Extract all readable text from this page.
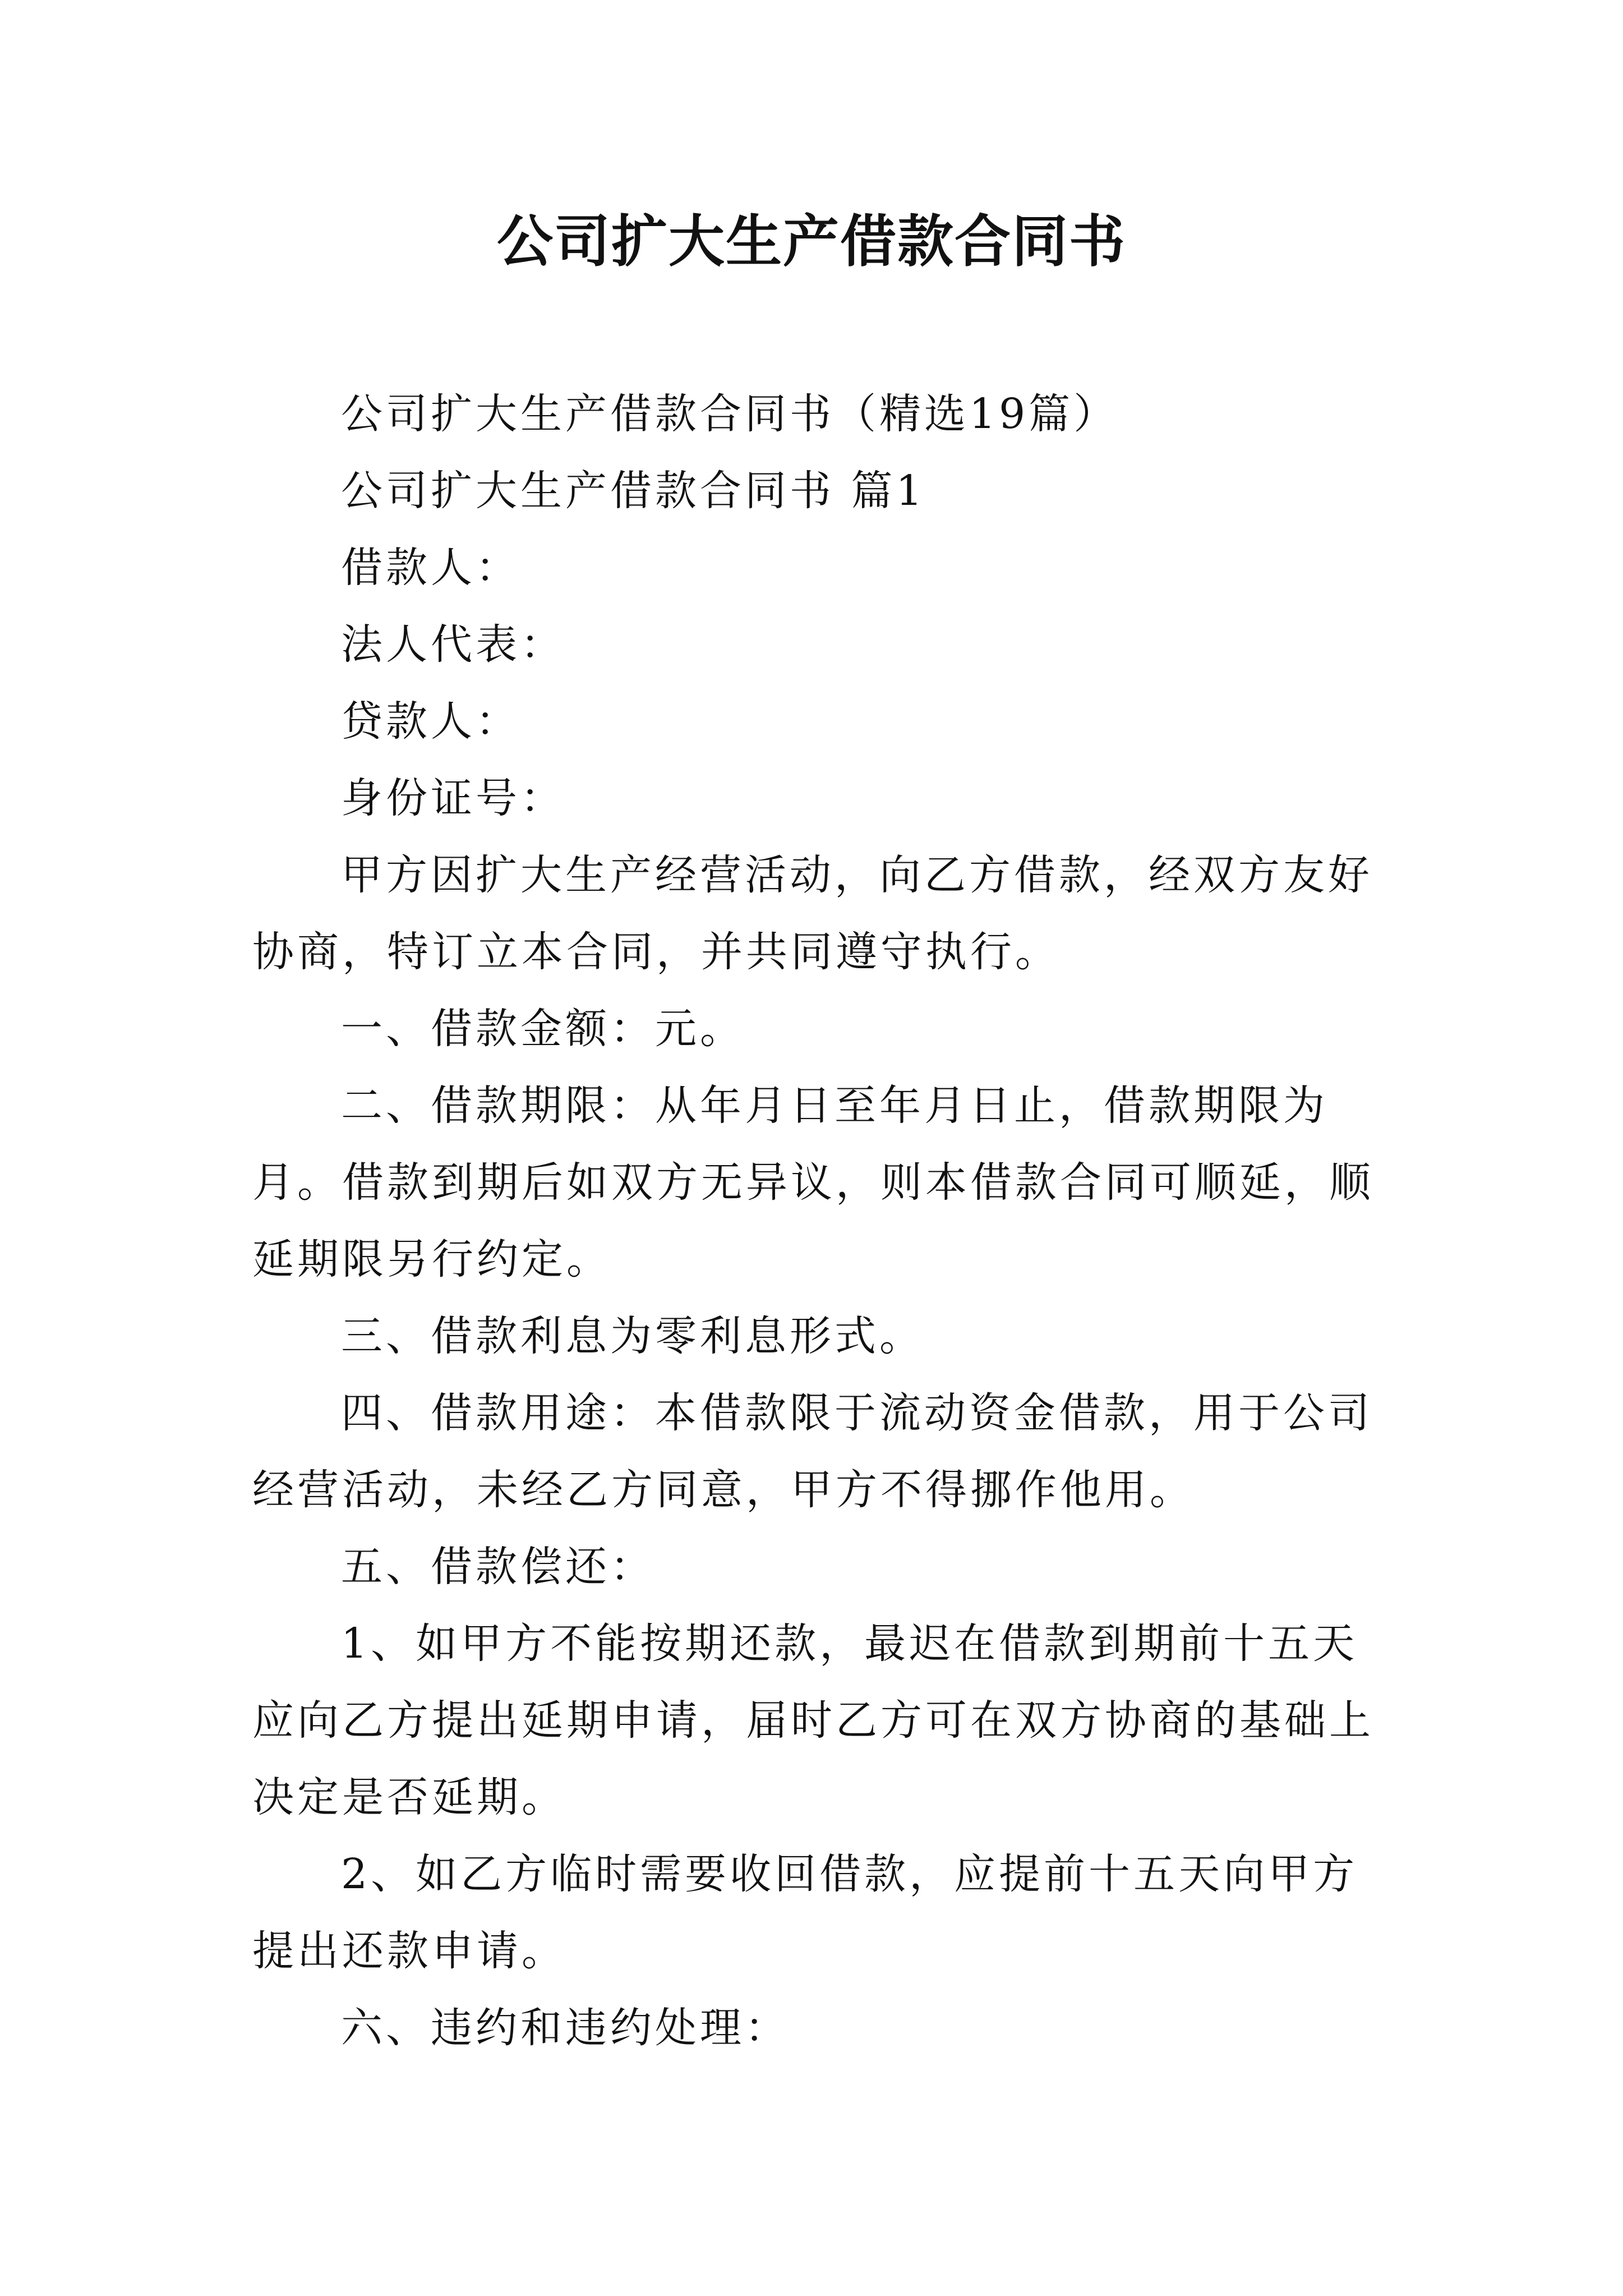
公司扩大生产借款合同书

公司扩大生产借款合同书（精选19篇）

公司扩大生产借款合同书 篇1

借款人：

法人代表：

贷款人：

身份证号：

甲方因扩大生产经营活动，向乙方借款，经双方友好协商，特订立本合同，并共同遵守执行。

一、借款金额：元。

二、借款期限：从年月日至年月日止，借款期限为月。借款到期后如双方无异议，则本借款合同可顺延，顺延期限另行约定。

三、借款利息为零利息形式。

四、借款用途：本借款限于流动资金借款，用于公司经营活动，未经乙方同意，甲方不得挪作他用。

五、借款偿还：

1、如甲方不能按期还款，最迟在借款到期前十五天应向乙方提出延期申请，届时乙方可在双方协商的基础上决定是否延期。

2、如乙方临时需要收回借款，应提前十五天向甲方提出还款申请。

六、违约和违约处理：
